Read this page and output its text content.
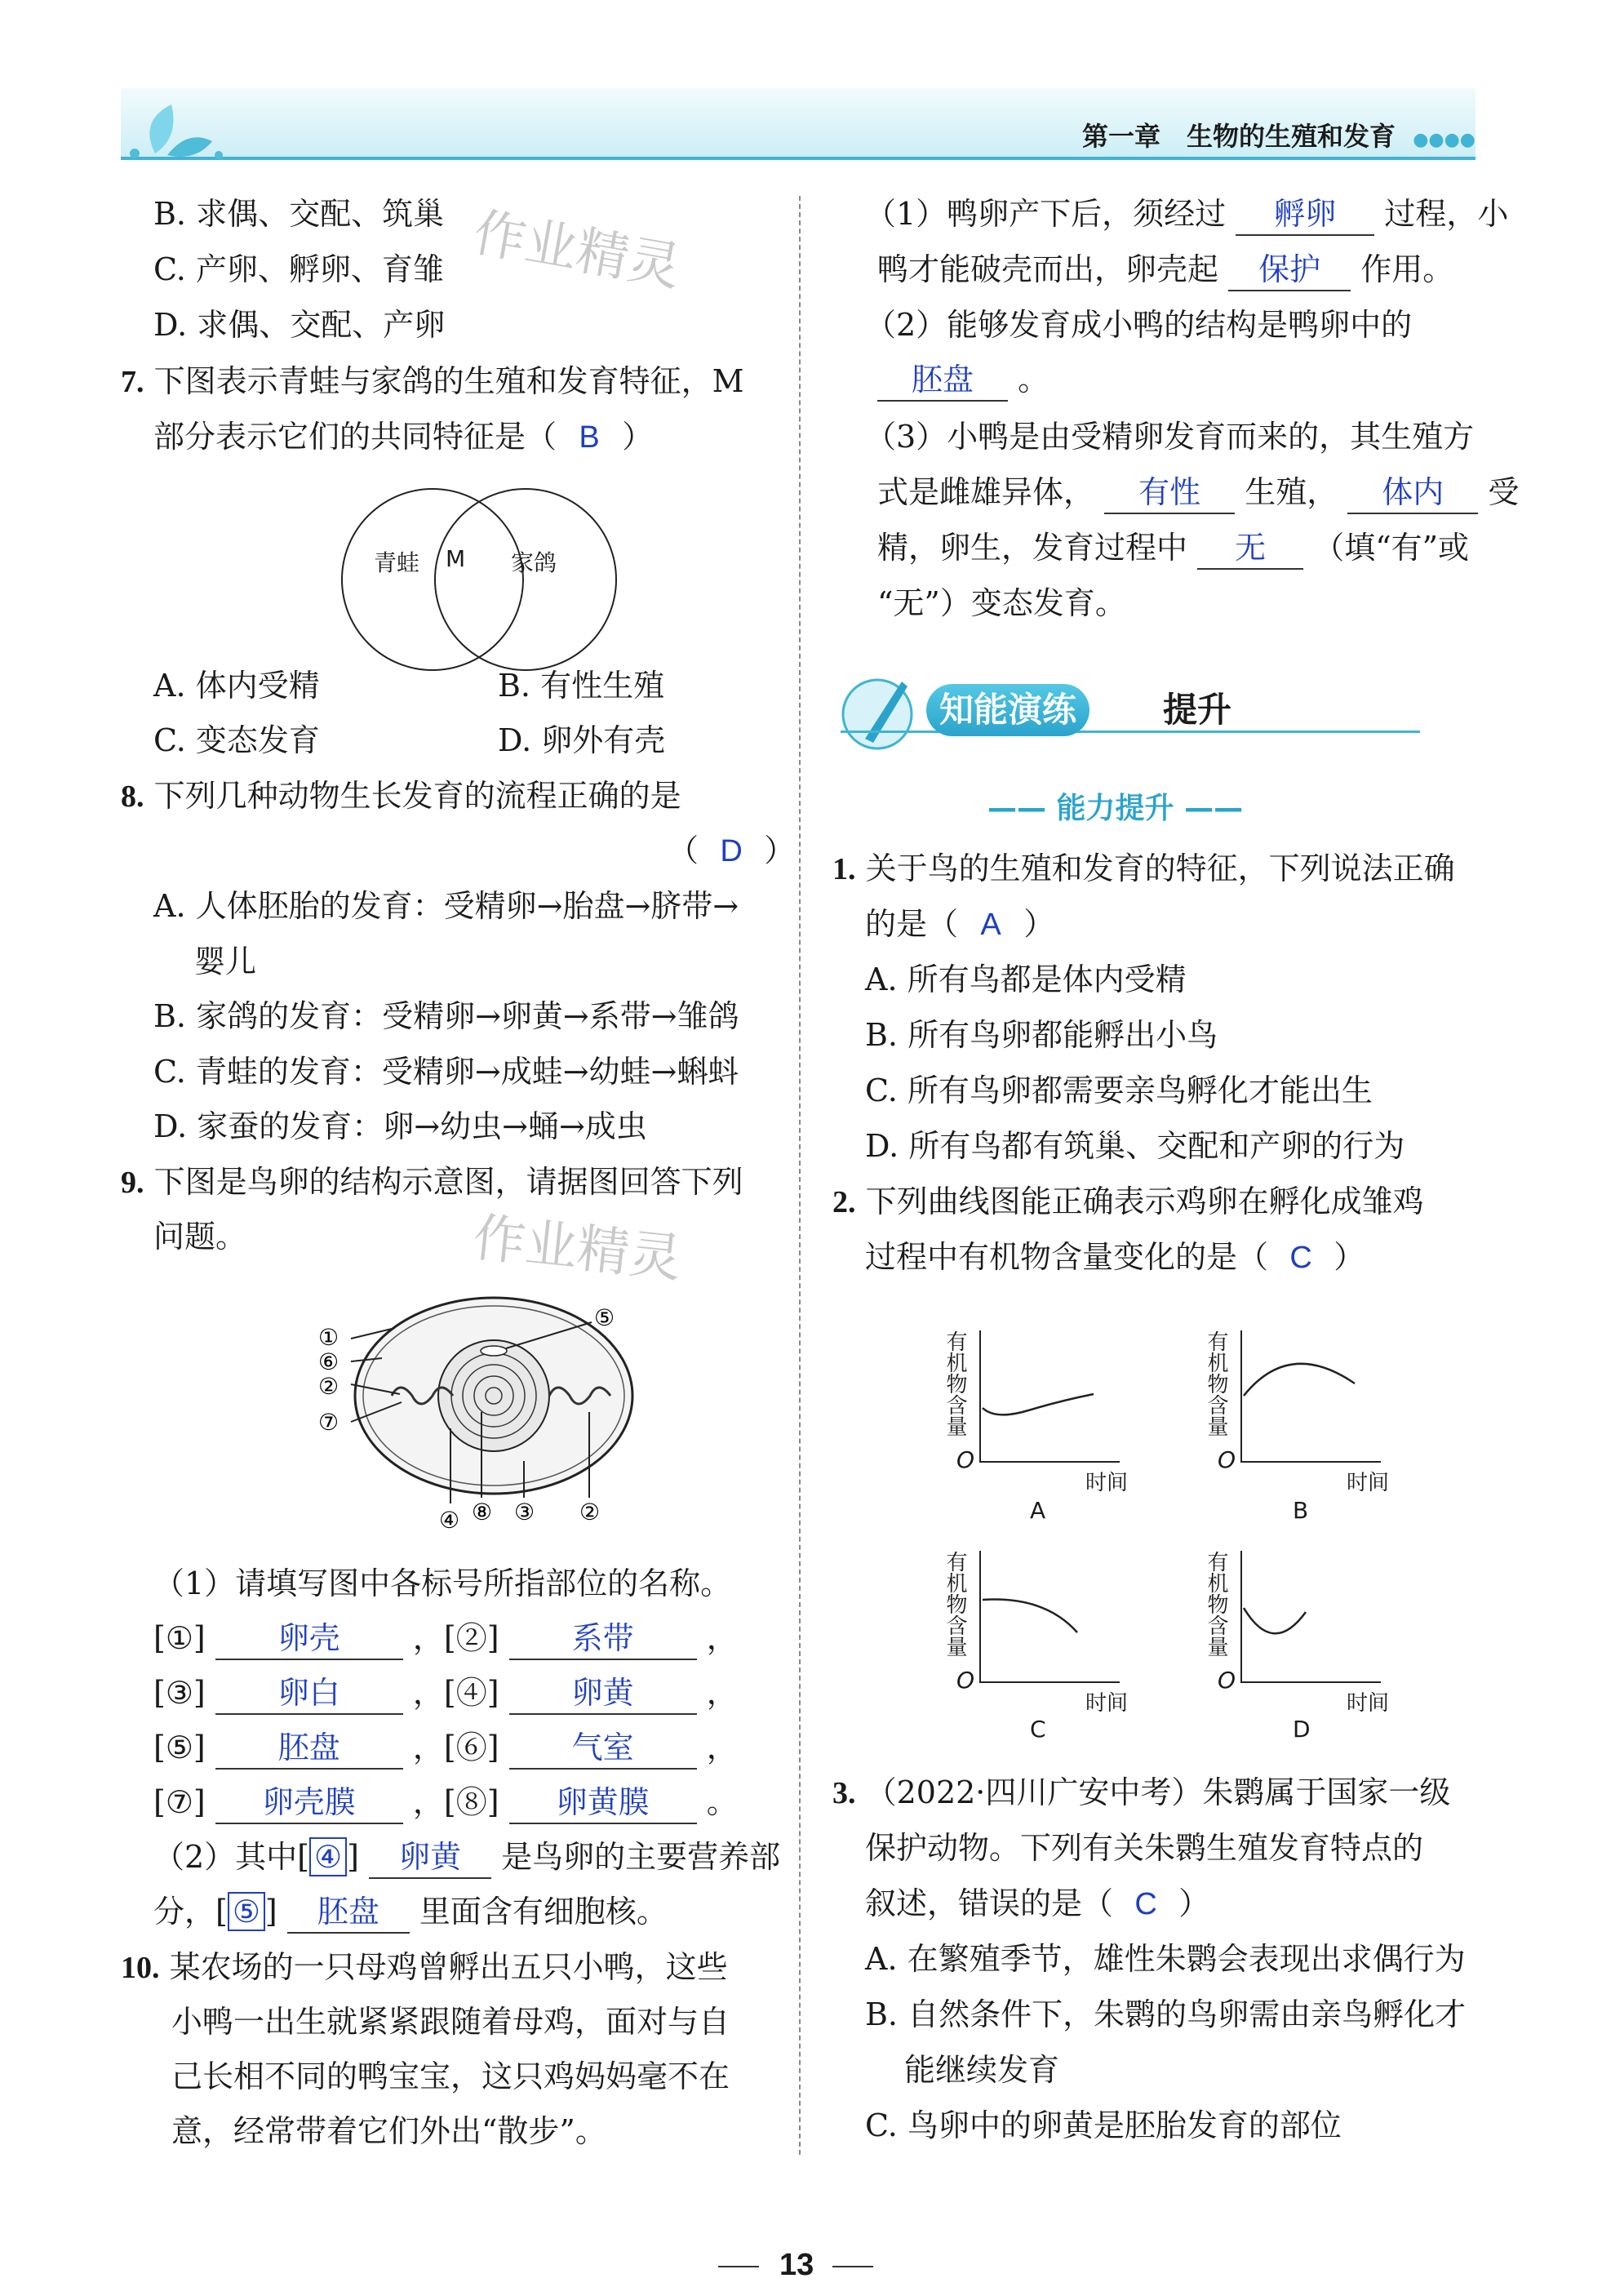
第一章　生物的生殖和发育 ●●●●
作业精灵
作业精灵
B. 求偶、交配、筑巢
C. 产卵、孵卵、育雏
D. 求偶、交配、产卵
7. 下图表示青蛙与家鸽的生殖和发育特征，M
部分表示它们的共同特征是（ B ）
青蛙 M 家鸽
A. 体内受精	B. 有性生殖
C. 变态发育	D. 卵外有壳
8. 下列几种动物生长发育的流程正确的是
（ D ）
A. 人体胚胎的发育：受精卵→胎盘→脐带→
婴儿
B. 家鸽的发育：受精卵→卵黄→系带→雏鸽
C. 青蛙的发育：受精卵→成蛙→幼蛙→蝌蚪
D. 家蚕的发育：卵→幼虫→蛹→成虫
9. 下图是鸟卵的结构示意图，请据图回答下列
问题。
①
⑥
②
⑦
⑤
④ ⑧ ③ ②
（1）请填写图中各标号所指部位的名称。
[①] 卵壳 ，[②] 系带 ，
[③] 卵白 ，[④] 卵黄 ，
[⑤] 胚盘 ，[⑥] 气室 ，
[⑦] 卵壳膜 ，[⑧] 卵黄膜 。
（2）其中[ ④ ] 卵黄 是鸟卵的主要营养部
分，[ ⑤ ] 胚盘 里面含有细胞核。
10. 某农场的一只母鸡曾孵出五只小鸭，这些
小鸭一出生就紧紧跟随着母鸡，面对与自
己长相不同的鸭宝宝，这只鸡妈妈毫不在
意，经常带着它们外出“散步”。
（1）鸭卵产下后，须经过 孵卵 过程，小
鸭才能破壳而出，卵壳起 保护 作用。
（2）能够发育成小鸭的结构是鸭卵中的
胚盘 。
（3）小鸭是由受精卵发育而来的，其生殖方
式是雌雄异体， 有性 生殖， 体内 受
精，卵生，发育过程中 无 （填“有”或
“无”）变态发育。
知能演练	提升
—— 能力提升 ——
1. 关于鸟的生殖和发育的特征，下列说法正确
的是（ A ）
A. 所有鸟都是体内受精
B. 所有鸟卵都能孵出小鸟
C. 所有鸟卵都需要亲鸟孵化才能出生
D. 所有鸟都有筑巢、交配和产卵的行为
2. 下列曲线图能正确表示鸡卵在孵化成雏鸡
过程中有机物含量变化的是（ C ）
有机物含量
O
时间
A
有机物含量
O
时间
B
有机物含量
O
时间
C
有机物含量
O
时间
D
3. （2022·四川广安中考）朱鹮属于国家一级
保护动物。下列有关朱鹮生殖发育特点的
叙述，错误的是（ C ）
A. 在繁殖季节，雄性朱鹮会表现出求偶行为
B. 自然条件下，朱鹮的鸟卵需由亲鸟孵化才
能继续发育
C. 鸟卵中的卵黄是胚胎发育的部位
13
